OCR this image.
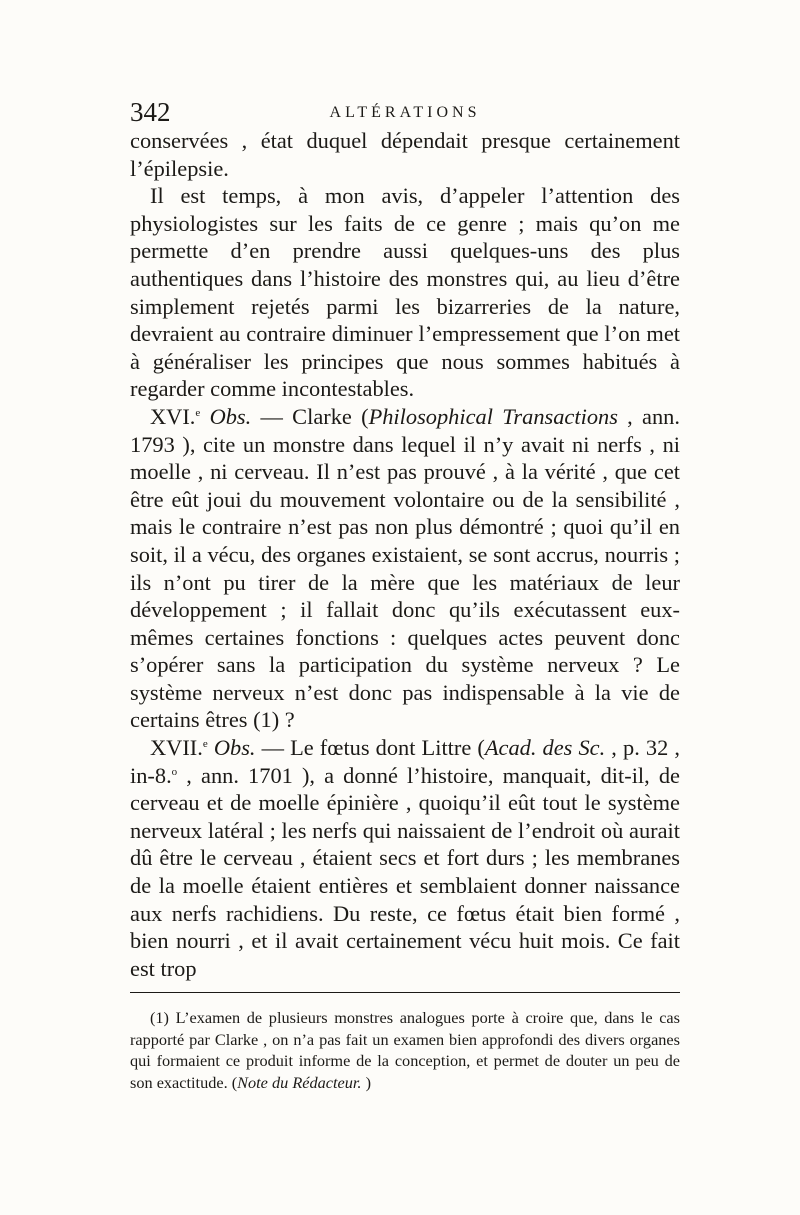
342	ALTÉRATIONS

conservées , état duquel dépendait presque certainement l’épilepsie.

Il est temps, à mon avis, d’appeler l’attention des physiologistes sur les faits de ce genre ; mais qu’on me permette d’en prendre aussi quelques-uns des plus authentiques dans l’histoire des monstres qui, au lieu d’être simplement rejetés parmi les bizarreries de la nature, devraient au contraire diminuer l’empressement que l’on met à généraliser les principes que nous sommes habitués à regarder comme incontestables.

XVI.$^e$ Obs. — Clarke (Philosophical Transactions , ann. 1793 ), cite un monstre dans lequel il n’y avait ni nerfs , ni moelle , ni cerveau. Il n’est pas prouvé , à la vérité , que cet être eût joui du mouvement volontaire ou de la sensibilité , mais le contraire n’est pas non plus démontré ; quoi qu’il en soit, il a vécu, des organes existaient, se sont accrus, nourris ; ils n’ont pu tirer de la mère que les matériaux de leur développement ; il fallait donc qu’ils exécutassent eux-mêmes certaines fonctions : quelques actes peuvent donc s’opérer sans la participation du système nerveux ? Le système nerveux n’est donc pas indispensable à la vie de certains êtres (1) ?

XVII.$^e$ Obs. — Le fœtus dont Littre (Acad. des Sc. , p. 32 , in-8.$^o$ , ann. 1701 ), a donné l’histoire, manquait, dit-il, de cerveau et de moelle épinière , quoiqu’il eût tout le système nerveux latéral ; les nerfs qui naissaient de l’endroit où aurait dû être le cerveau , étaient secs et fort durs ; les membranes de la moelle étaient entières et semblaient donner naissance aux nerfs rachidiens. Du reste, ce fœtus était bien formé , bien nourri , et il avait certainement vécu huit mois. Ce fait est trop

(1) L’examen de plusieurs monstres analogues porte à croire que, dans le cas rapporté par Clarke , on n’a pas fait un examen bien approfondi des divers organes qui formaient ce produit informe de la conception, et permet de douter un peu de son exactitude. (Note du Rédacteur. )
